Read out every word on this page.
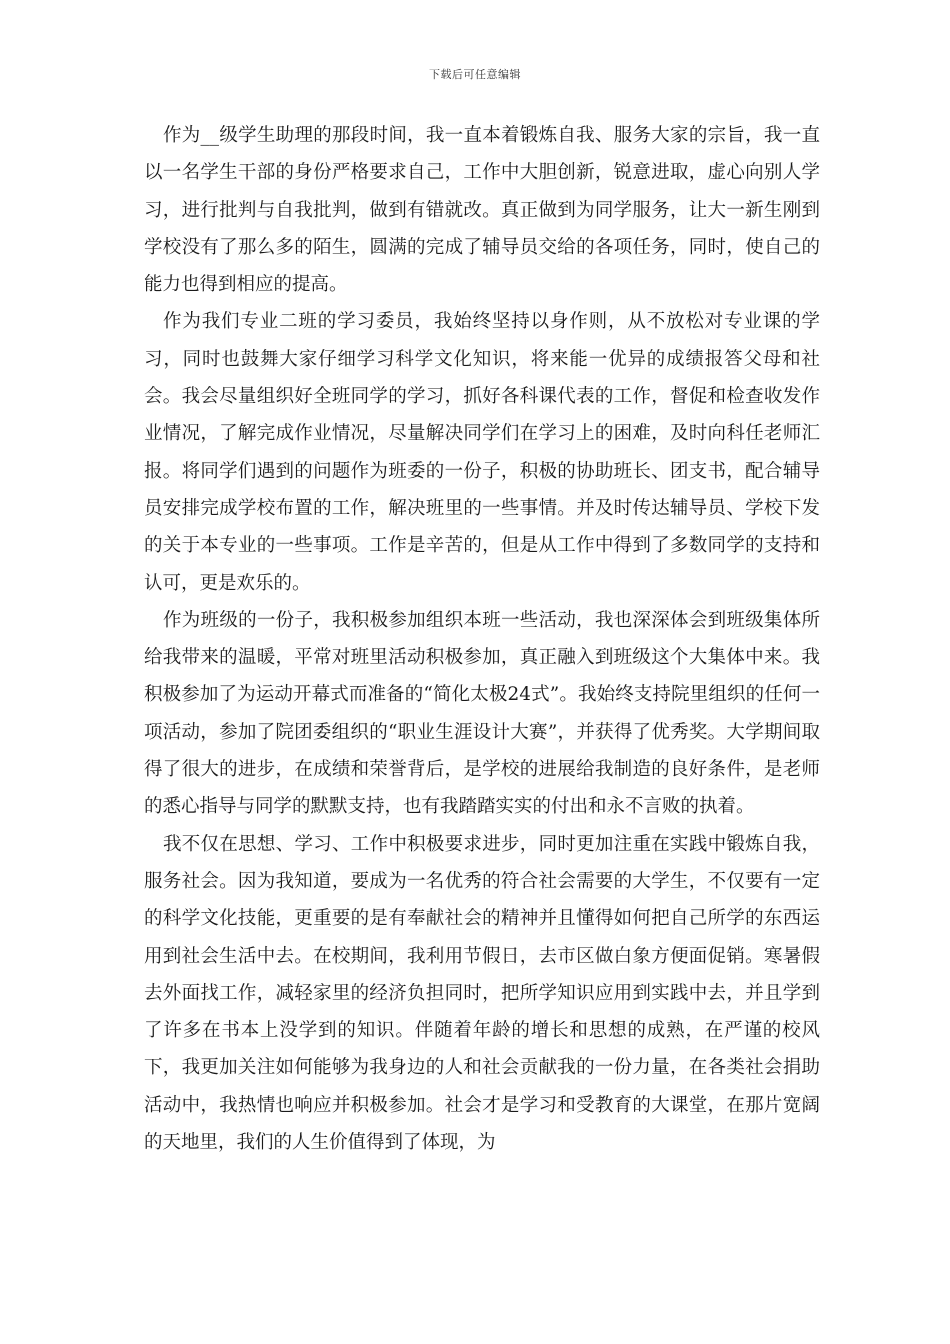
下载后可任意编辑

作为__级学生助理的那段时间，我一直本着锻炼自我、服务大家的宗旨，我一直以一名学生干部的身份严格要求自己，工作中大胆创新，锐意进取，虚心向别人学习，进行批判与自我批判，做到有错就改。真正做到为同学服务，让大一新生刚到学校没有了那么多的陌生，圆满的完成了辅导员交给的各项任务，同时，使自己的能力也得到相应的提高。

作为我们专业二班的学习委员，我始终坚持以身作则，从不放松对专业课的学习，同时也鼓舞大家仔细学习科学文化知识，将来能一优异的成绩报答父母和社会。我会尽量组织好全班同学的学习，抓好各科课代表的工作，督促和检查收发作业情况，了解完成作业情况，尽量解决同学们在学习上的困难，及时向科任老师汇报。将同学们遇到的问题作为班委的一份子，积极的协助班长、团支书，配合辅导员安排完成学校布置的工作，解决班里的一些事情。并及时传达辅导员、学校下发的关于本专业的一些事项。工作是辛苦的，但是从工作中得到了多数同学的支持和认可，更是欢乐的。

作为班级的一份子，我积极参加组织本班一些活动，我也深深体会到班级集体所给我带来的温暖，平常对班里活动积极参加，真正融入到班级这个大集体中来。我积极参加了为运动开幕式而准备的“简化太极24式”。我始终支持院里组织的任何一项活动，参加了院团委组织的“职业生涯设计大赛”，并获得了优秀奖。大学期间取得了很大的进步，在成绩和荣誉背后，是学校的进展给我制造的良好条件，是老师的悉心指导与同学的默默支持，也有我踏踏实实的付出和永不言败的执着。

我不仅在思想、学习、工作中积极要求进步，同时更加注重在实践中锻炼自我，服务社会。因为我知道，要成为一名优秀的符合社会需要的大学生，不仅要有一定的科学文化技能，更重要的是有奉献社会的精神并且懂得如何把自己所学的东西运用到社会生活中去。在校期间，我利用节假日，去市区做白象方便面促销。寒暑假去外面找工作，减轻家里的经济负担同时，把所学知识应用到实践中去，并且学到了许多在书本上没学到的知识。伴随着年龄的增长和思想的成熟，在严谨的校风下，我更加关注如何能够为我身边的人和社会贡献我的一份力量，在各类社会捐助活动中，我热情也响应并积极参加。社会才是学习和受教育的大课堂，在那片宽阔的天地里，我们的人生价值得到了体现，为
